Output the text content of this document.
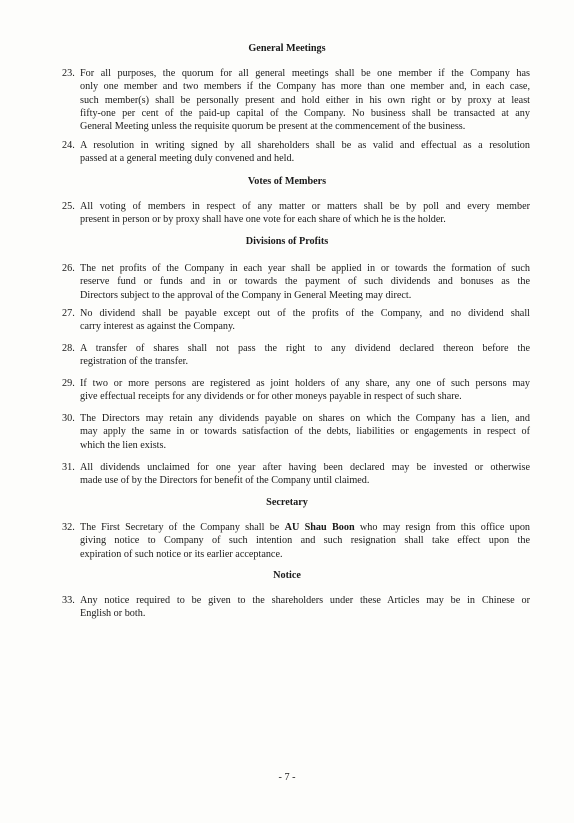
General Meetings
23. For all purposes, the quorum for all general meetings shall be one member if the Company has
only one member and two members if the Company has more than one member and, in each case,
such member(s) shall be personally present and hold either in his own right or by proxy at least
fifty-one per cent of the paid-up capital of the Company. No business shall be transacted at any
General Meeting unless the requisite quorum be present at the commencement of the business.
24. A resolution in writing signed by all shareholders shall be as valid and effectual as a resolution
passed at a general meeting duly convened and held.
Votes of Members
25. All voting of members in respect of any matter or matters shall be by poll and every member
present in person or by proxy shall have one vote for each share of which he is the holder.
Divisions of Profits
26. The net profits of the Company in each year shall be applied in or towards the formation of such
reserve fund or funds and in or towards the payment of such dividends and bonuses as the
Directors subject to the approval of the Company in General Meeting may direct.
27. No dividend shall be payable except out of the profits of the Company, and no dividend shall
carry interest as against the Company.
28. A transfer of shares shall not pass the right to any dividend declared thereon before the
registration of the transfer.
29. If two or more persons are registered as joint holders of any share, any one of such persons may
give effectual receipts for any dividends or for other moneys payable in respect of such share.
30. The Directors may retain any dividends payable on shares on which the Company has a lien, and
may apply the same in or towards satisfaction of the debts, liabilities or engagements in respect of
which the lien exists.
31. All dividends unclaimed for one year after having been declared may be invested or otherwise
made use of by the Directors for benefit of the Company until claimed.
Secretary
32. The First Secretary of the Company shall be AU Shau Boon who may resign from this office upon
giving notice to Company of such intention and such resignation shall take effect upon the
expiration of such notice or its earlier acceptance.
Notice
33. Any notice required to be given to the shareholders under these Articles may be in Chinese or
English or both.
- 7 -
